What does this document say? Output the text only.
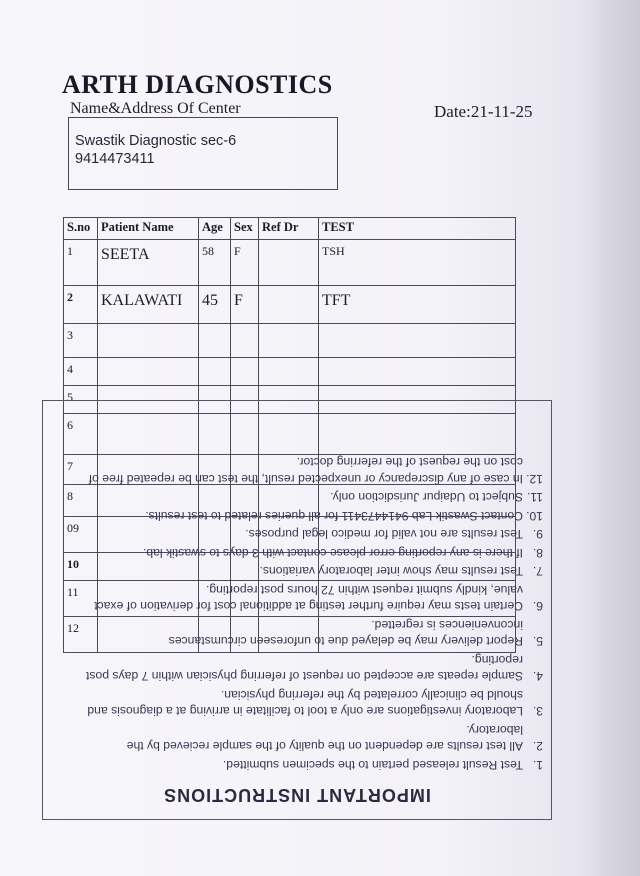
ARTH DIAGNOSTICS
Name&Address Of Center	Date:21-11-25
Swastik Diagnostic sec-6
9414473411
S.no	Patient Name	Age	Sex	Ref Dr	TEST
1	SEETA	58	F		TSH
2	KALAWATI	45	F		TFT
3					
4					
5					
6					
7					
8					
09					
10					
11					
12					
IMPORTANT INSTRUCTIONS
1.
Test Result released pertain to the specimen submitted.
2.
All test results are dependent on the quality of the sample recieved by the laboratory.
3.
Laboratory investigations are only a tool to facilitate in arriving at a diagnosis and should be clinically correlated by the referring physician.
4.
Sample repeats are accepted on request of referring physician within 7 days post reporting.
5.
Report delivery may be delayed due to unforeseen circumstances inconveniences is regretted.
6.
Certain tests may require further testing at additional cost for derivation of exact value, kindly submit request within 72 hours post reporting.
7.
Test results may show inter laboratory variations.
8.
If there is any reporting error please contact with 3 days to swastik lab.
9.
Test results are not valid for medico legal purposes.
10.
Contact Swastik Lab 9414473411 for all queries related to test results.
11.
Subject to Udaipur Jurisdiction only.
12.
In case of any discrepancy or unexpected result, the test can be repeated free of cost on the request of the referring doctor.
